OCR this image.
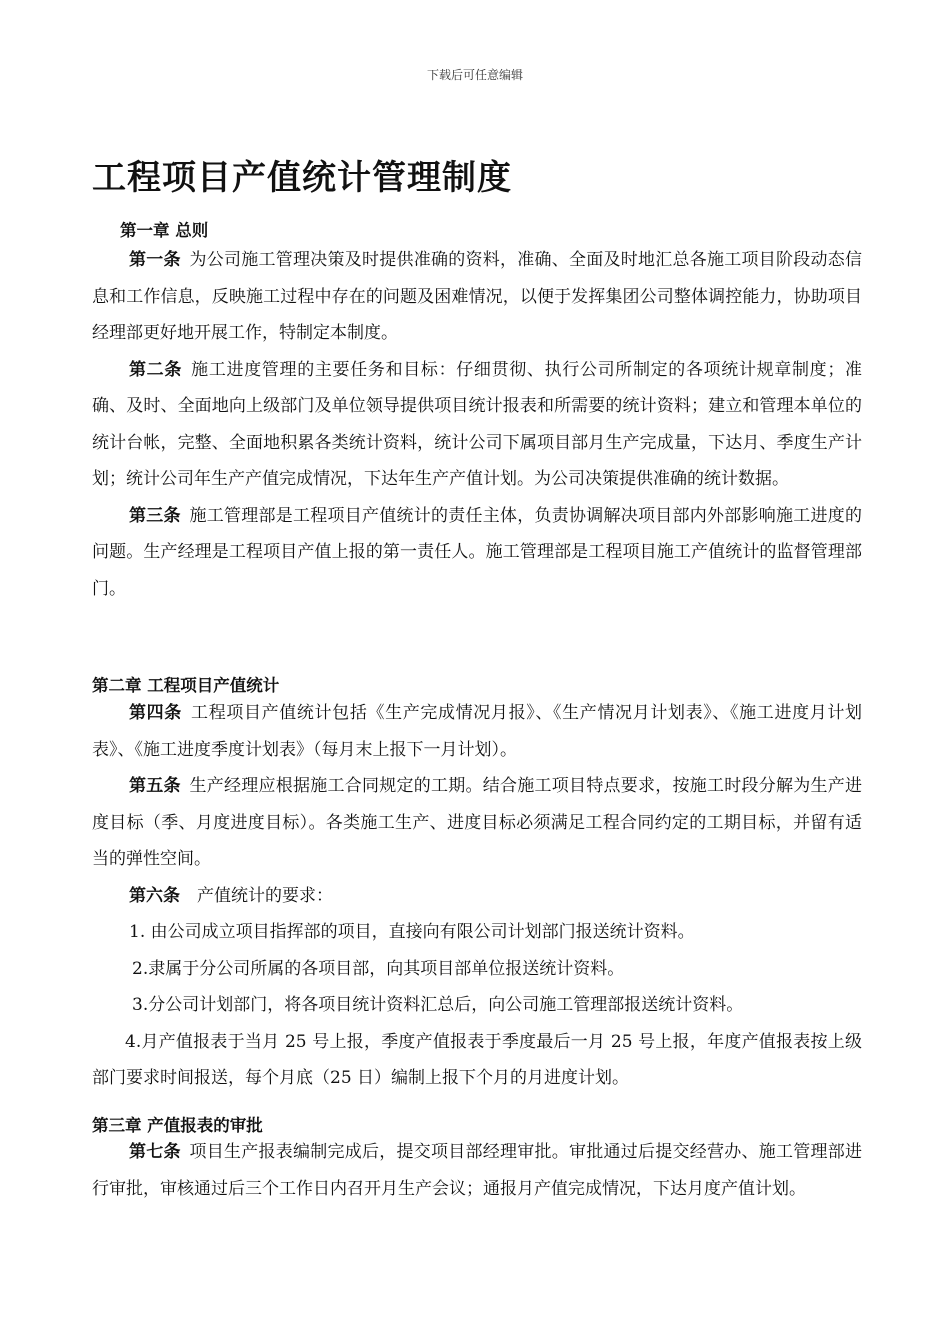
下载后可任意编辑
工程项目产值统计管理制度
第一章 总则

第一条  为公司施工管理决策及时提供准确的资料，准确、全面及时地汇总各施工项目阶段动态信息和工作信息，反映施工过程中存在的问题及困难情况，以便于发挥集团公司整体调控能力，协助项目经理部更好地开展工作，特制定本制度。

第二条  施工进度管理的主要任务和目标：仔细贯彻、执行公司所制定的各项统计规章制度；准确、及时、全面地向上级部门及单位领导提供项目统计报表和所需要的统计资料；建立和管理本单位的统计台帐，完整、全面地积累各类统计资料，统计公司下属项目部月生产完成量，下达月、季度生产计划；统计公司年生产产值完成情况，下达年生产产值计划。为公司决策提供准确的统计数据。

第三条  施工管理部是工程项目产值统计的责任主体，负责协调解决项目部内外部影响施工进度的问题。生产经理是工程项目产值上报的第一责任人。施工管理部是工程项目施工产值统计的监督管理部门。

第二章 工程项目产值统计

第四条  工程项目产值统计包括《生产完成情况月报》、《生产情况月计划表》、《施工进度月计划表》、《施工进度季度计划表》（每月末上报下一月计划）。

第五条  生产经理应根据施工合同规定的工期。结合施工项目特点要求，按施工时段分解为生产进度目标（季、月度进度目标）。各类施工生产、进度目标必须满足工程合同约定的工期目标，并留有适当的弹性空间。

第六条  产值统计的要求：

1. 由公司成立项目指挥部的项目，直接向有限公司计划部门报送统计资料。

2.隶属于分公司所属的各项目部，向其项目部单位报送统计资料。

3.分公司计划部门，将各项目统计资料汇总后，向公司施工管理部报送统计资料。

4.月产值报表于当月 25 号上报，季度产值报表于季度最后一月 25 号上报，年度产值报表按上级部门要求时间报送，每个月底（25 日）编制上报下个月的月进度计划。

第三章 产值报表的审批

第七条  项目生产报表编制完成后，提交项目部经理审批。审批通过后提交经营办、施工管理部进行审批，审核通过后三个工作日内召开月生产会议；通报月产值完成情况，下达月度产值计划。
